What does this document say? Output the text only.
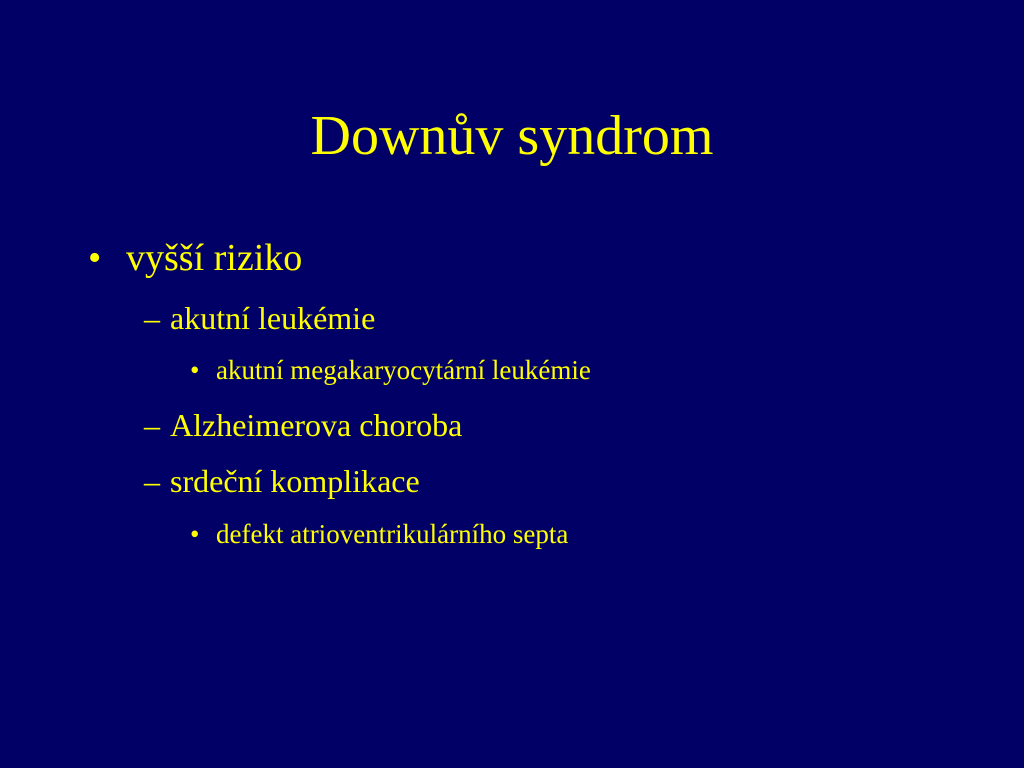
Downův syndrom
• vyšší riziko
– akutní leukémie
• akutní megakaryocytární leukémie
– Alzheimerova choroba
– srdeční komplikace
• defekt atrioventrikulárního septa
